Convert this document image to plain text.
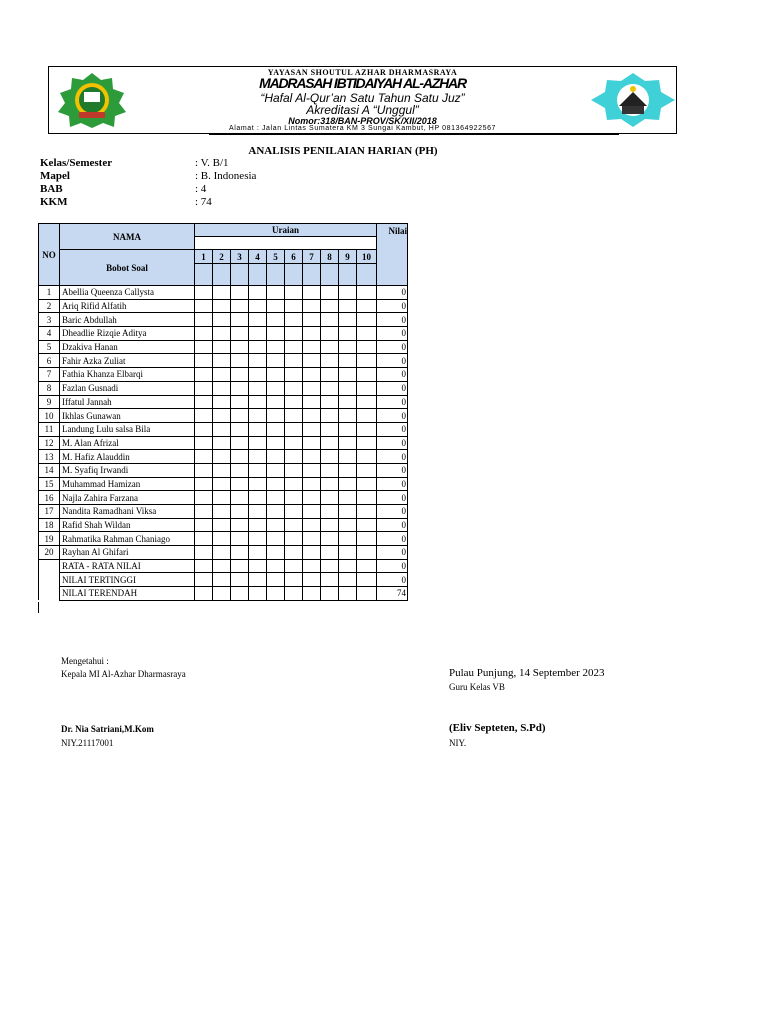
YAYASAN SHOUTUL AZHAR DHARMASRAYA
MADRASAH IBTIDAIYAH AL-AZHAR
“Hafal Al-Qur’an Satu Tahun Satu Juz”
Akreditasi A “Unggul”
Nomor:318/BAN-PROV/SK/XII/2018
Alamat : Jalan Lintas Sumatera KM 3 Sungai Kambut, HP 081364922567
ANALISIS PENILAIAN HARIAN (PH)
Kelas/Semester	: V. B/1
Mapel	: B. Indonesia
BAB	: 4
KKM	: 74
NO	NAMA	Uraian										Nilai

	Bobot Soal	1	2	3	4	5	6	7	8	9	10	

1	Abellia Queenza Callysta											0
2	Ariq Rifid Alfatih											0
3	Baric Abdullah											0
4	Dheadlie Rizqie Aditya											0
5	Dzakiva Hanan											0
6	Fahir Azka Zuliat											0
7	Fathia Khanza Elbarqi											0
8	Fazlan Gusnadi											0
9	Iffatul Jannah											0
10	Ikhlas Gunawan											0
11	Landung Lulu salsa Bila											0
12	M. Alan Afrizal											0
13	M. Hafiz Alauddin											0
14	M. Syafiq Irwandi											0
15	Muhammad Hamizan											0
16	Najla Zahira Farzana											0
17	Nandita Ramadhani Viksa											0
18	Rafid Shah Wildan											0
19	Rahmatika Rahman Chaniago											0
20	Rayhan Al Ghifari											0
	RATA - RATA NILAI											0
	NILAI TERTINGGI											0
	NILAI TERENDAH											74
Mengetahui :
Kepala MI Al-Azhar Dharmasraya
Dr. Nia Satriani,M.Kom
NIY.21117001
Pulau Punjung, 14 September 2023
Guru Kelas VB
(Eliv Septeten, S.Pd)
NIY.
